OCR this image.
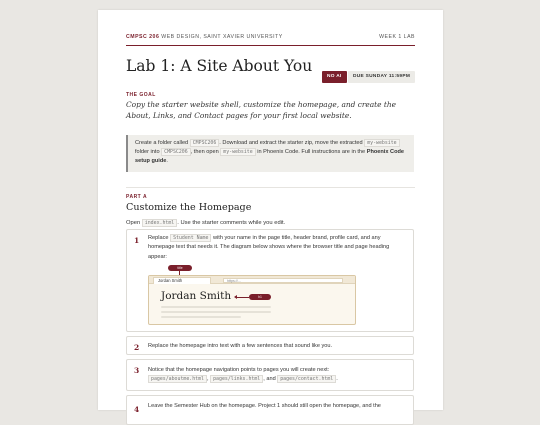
CMPSC 206 WEB DESIGN, SAINT XAVIER UNIVERSITY	WEEK 1 LAB
Lab 1: A Site About You
NO AI	DUE SUNDAY 11:59PM
THE GOAL
Copy the starter website shell, customize the homepage, and create the About, Links, and Contact pages for your first local website.
Create a folder called CMPSC206 . Download and extract the starter zip, move the extracted my-website folder into CMPSC206 , then open my-website in Phoenix Code. Full instructions are in the Phoenix Code setup guide.
PART A
Customize the Homepage
Open index.html . Use the starter comments while you edit.
1 Replace Student Name with your name in the page title, header brand, profile card, and any homepage text that needs it. The diagram below shows where the browser title and page heading appear:
title
Jordan Smith	https://...
Jordan Smith	h1
2 Replace the homepage intro text with a few sentences that sound like you.
3 Notice that the homepage navigation points to pages you will create next:
pages/aboutme.html , pages/links.html , and pages/contact.html .
4 Leave the Semester Hub on the homepage. Project 1 should still open the homepage, and the
